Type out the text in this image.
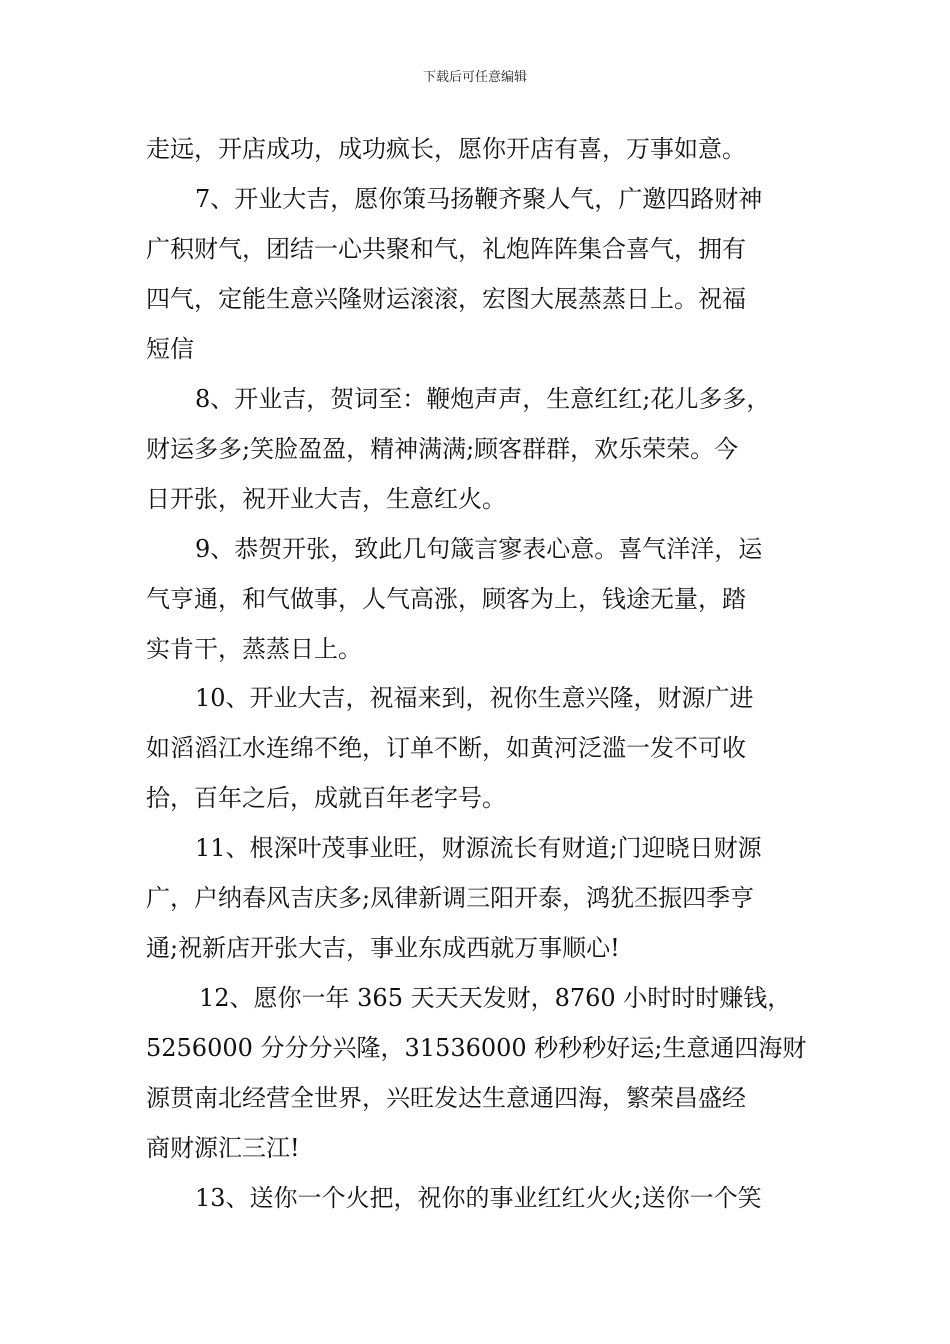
下载后可任意编辑
走远，开店成功，成功疯长，愿你开店有喜，万事如意。
7、开业大吉，愿你策马扬鞭齐聚人气，广邀四路财神
广积财气，团结一心共聚和气，礼炮阵阵集合喜气，拥有
四气，定能生意兴隆财运滚滚，宏图大展蒸蒸日上。祝福
短信
8、开业吉，贺词至：鞭炮声声，生意红红;花儿多多，
财运多多;笑脸盈盈，精神满满;顾客群群，欢乐荣荣。今
日开张，祝开业大吉，生意红火。
9、恭贺开张，致此几句箴言寥表心意。喜气洋洋，运
气亨通，和气做事，人气高涨，顾客为上，钱途无量，踏
实肯干，蒸蒸日上。
10、开业大吉，祝福来到，祝你生意兴隆，财源广进
如滔滔江水连绵不绝，订单不断，如黄河泛滥一发不可收
拾，百年之后，成就百年老字号。
11、根深叶茂事业旺，财源流长有财道;门迎晓日财源
广，户纳春风吉庆多;凤律新调三阳开泰，鸿犹丕振四季亨
通;祝新店开张大吉，事业东成西就万事顺心!
12、愿你一年 365 天天天发财，8760 小时时时赚钱，
5256000 分分分兴隆，31536000 秒秒秒好运;生意通四海财
源贯南北经营全世界，兴旺发达生意通四海，繁荣昌盛经
商财源汇三江!
13、送你一个火把，祝你的事业红红火火;送你一个笑
